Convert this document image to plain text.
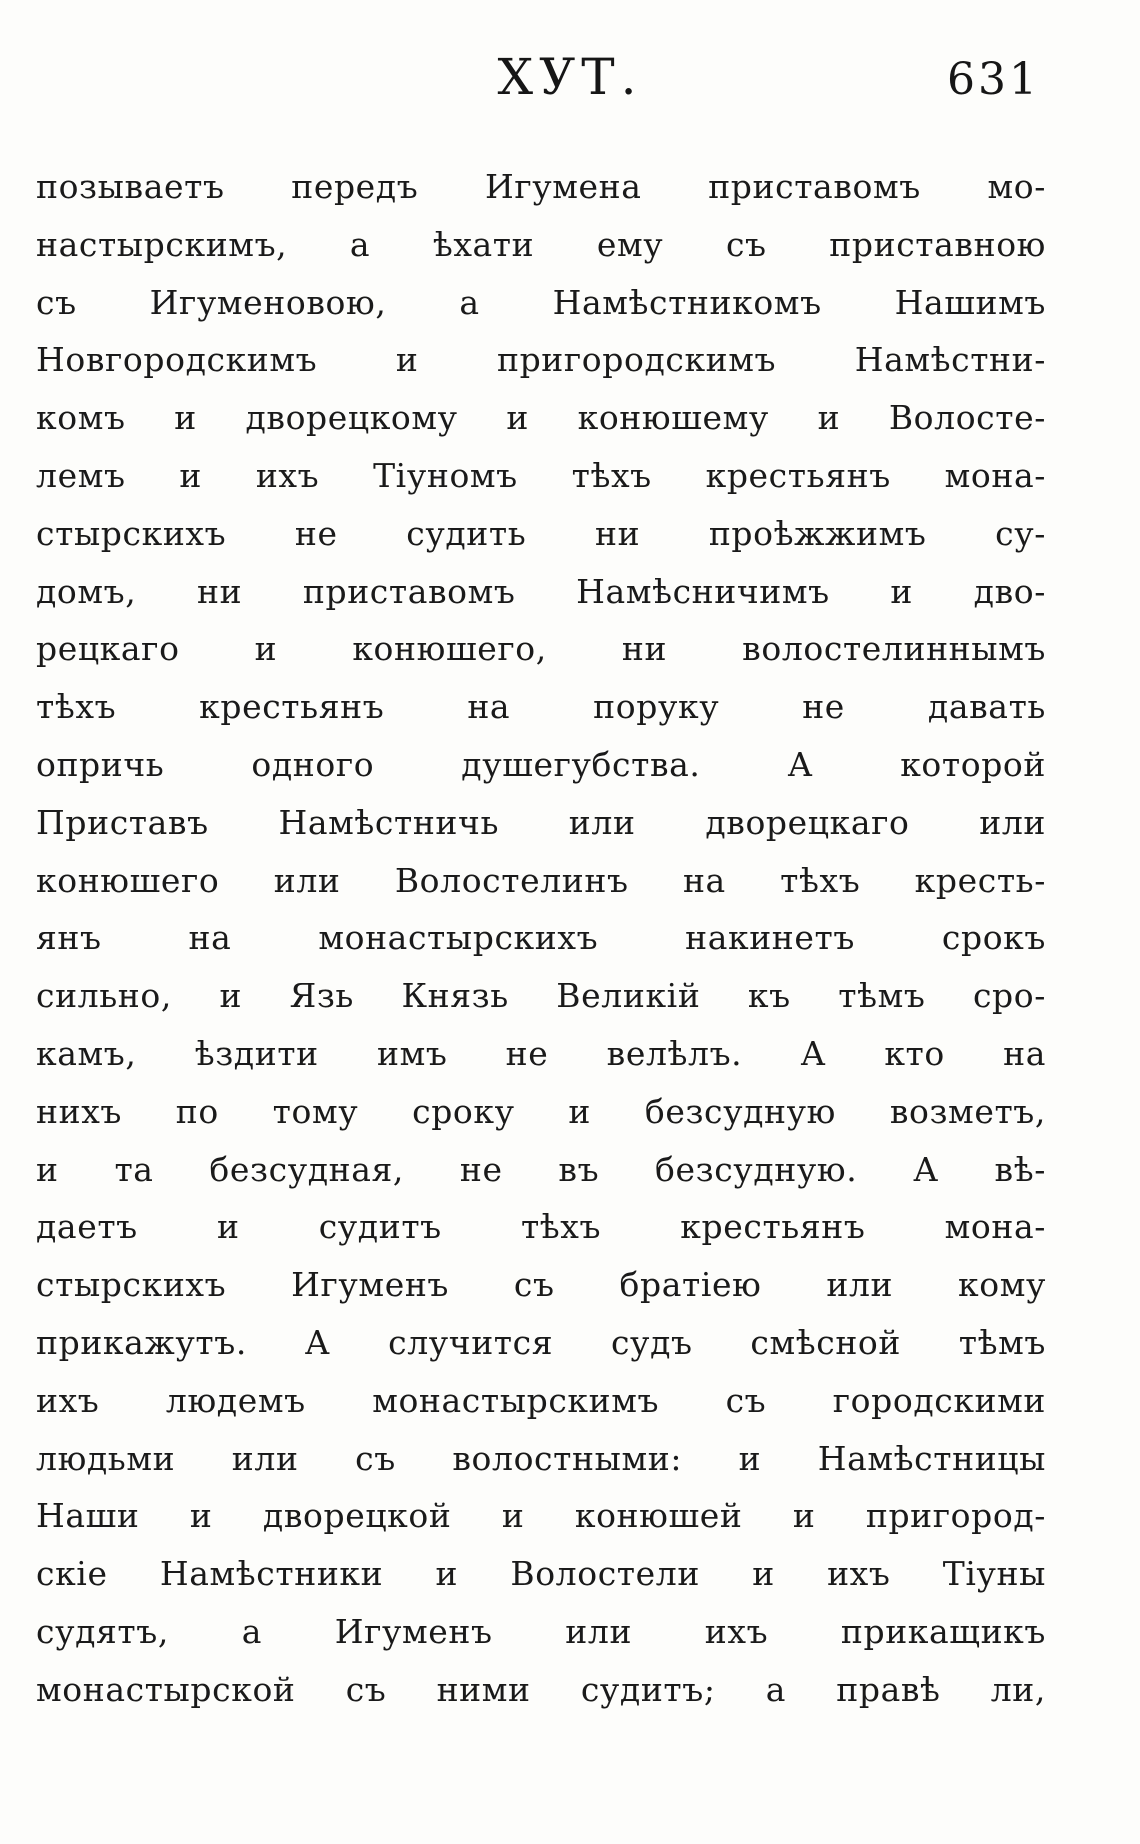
ХУТ.	631
позываетъ передъ Игумена приставомъ мо-
настырскимъ, а ѣхати ему съ приставною
съ Игуменовою, а Намѣстникомъ Нашимъ
Новгородскимъ и пригородскимъ Намѣстни-
комъ и дворецкому и конюшему и Волосте-
лемъ и ихъ Тіуномъ тѣхъ крестьянъ мона-
стырскихъ не судить ни проѣжжимъ су-
домъ, ни приставомъ Намѣсничимъ и дво-
рецкаго и конюшего, ни волостелиннымъ
тѣхъ крестьянъ на поруку не давать
опричь одного душегубства. А которой
Приставъ Намѣстничь или дворецкаго или
конюшего или Волостелинъ на тѣхъ кресть-
янъ на монастырскихъ накинетъ срокъ
сильно, и Язь Князь Великій къ тѣмъ сро-
камъ, ѣздити имъ не велѣлъ. А кто на
нихъ по тому сроку и безсудную возметъ,
и та безсудная, не въ безсудную. А вѣ-
даетъ и судитъ тѣхъ крестьянъ мона-
стырскихъ Игуменъ съ братіею или кому
прикажутъ. А случится судъ смѣсной тѣмъ
ихъ людемъ монастырскимъ съ городскими
людьми или съ волостными: и Намѣстницы
Наши и дворецкой и конюшей и пригород-
скіе Намѣстники и Волостели и ихъ Тіуны
судятъ, а Игуменъ или ихъ прикащикъ
монастырской съ ними судитъ; а правѣ ли,
